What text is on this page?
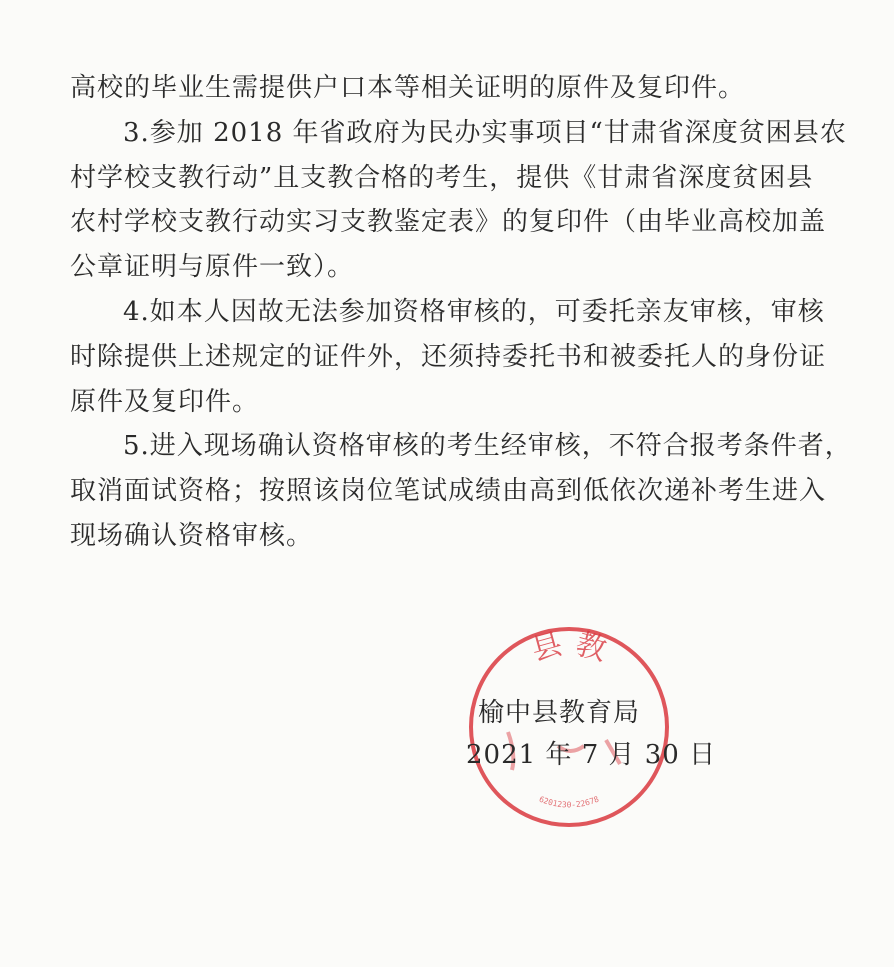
高校的毕业生需提供户口本等相关证明的原件及复印件。
3.参加 2018 年省政府为民办实事项目“甘肃省深度贫困县农
村学校支教行动”且支教合格的考生，提供《甘肃省深度贫困县
农村学校支教行动实习支教鉴定表》的复印件（由毕业高校加盖
公章证明与原件一致）。
4.如本人因故无法参加资格审核的，可委托亲友审核，审核
时除提供上述规定的证件外，还须持委托书和被委托人的身份证
原件及复印件。
5.进入现场确认资格审核的考生经审核，不符合报考条件者，
取消面试资格；按照该岗位笔试成绩由高到低依次递补考生进入
现场确认资格审核。
县 教
6201230-22678
榆中县教育局
2021 年 7 月 30 日
